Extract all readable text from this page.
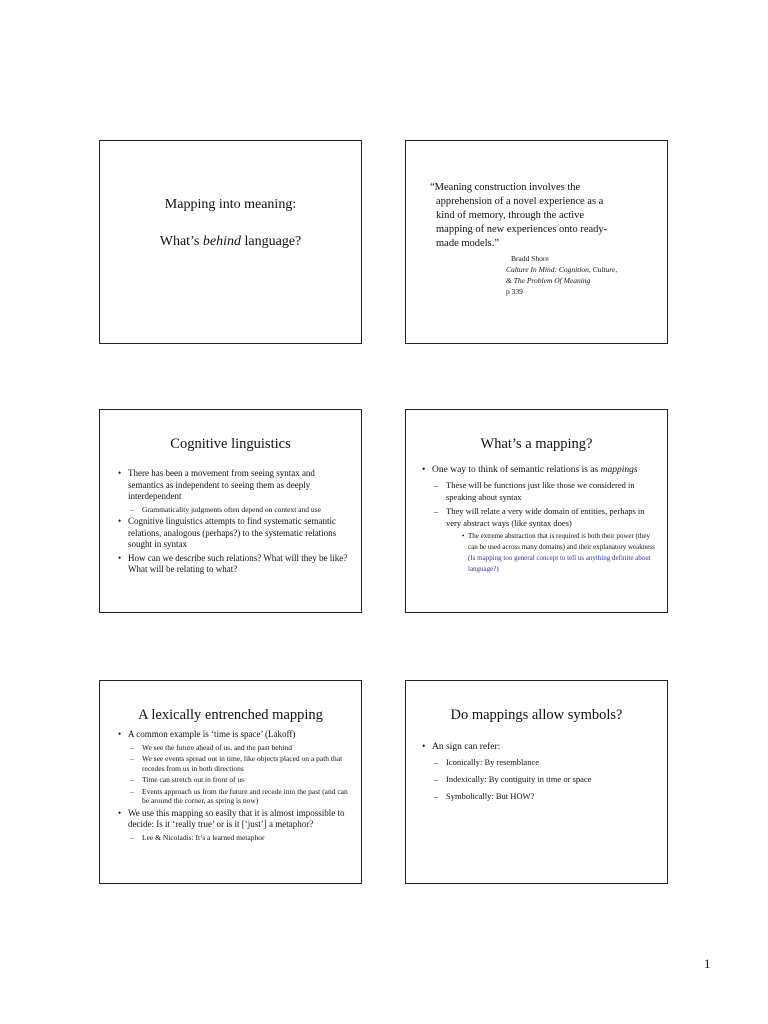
Mapping into meaning:
What’s behind language?
“Meaning construction involves the
apprehension of a novel experience as a
kind of memory, through the active
mapping of new experiences onto ready-
made models.”
Bradd Shore
Culture In Mind: Cognition, Culture,
& The Problem Of Meaning
p 339
Cognitive linguistics
• There has been a movement from seeing syntax and semantics as independent to seeing them as deeply interdependent
– Grammaticality judgments often depend on context and use
• Cognitive linguistics attempts to find systematic semantic relations, analogous (perhaps?) to the systematic relations sought in syntax
• How can we describe such relations? What will they be like? What will be relating to what?
What’s a mapping?
• One way to think of semantic relations is as mappings
– These will be functions just like those we considered in speaking about syntax
– They will relate a very wide domain of entities, perhaps in very abstract ways (like syntax does)
• The extreme abstraction that is required is both their power (they can be used across many domains) and their explanatory weakness (Is mapping too general concept to tell us anything definite about language?)
A lexically entrenched mapping
• A common example is ‘time is space’ (Lakoff)
– We see the future ahead of us, and the past behind
– We see events spread out in time, like objects placed on a path that recedes from us in both directions
– Time can stretch out in front of us
– Events approach us from the future and recede into the past (and can be around the corner, as spring is now)
• We use this mapping so easily that it is almost impossible to decide: Is it ‘really true’ or is it [‘just’] a metaphor?
– Lee & Nicoladis: It’s a learned metaphor
Do mappings allow symbols?
• An sign can refer:
– Iconically: By resemblance
– Indexically: By contiguity in time or space
– Symbolically: But HOW?
1
